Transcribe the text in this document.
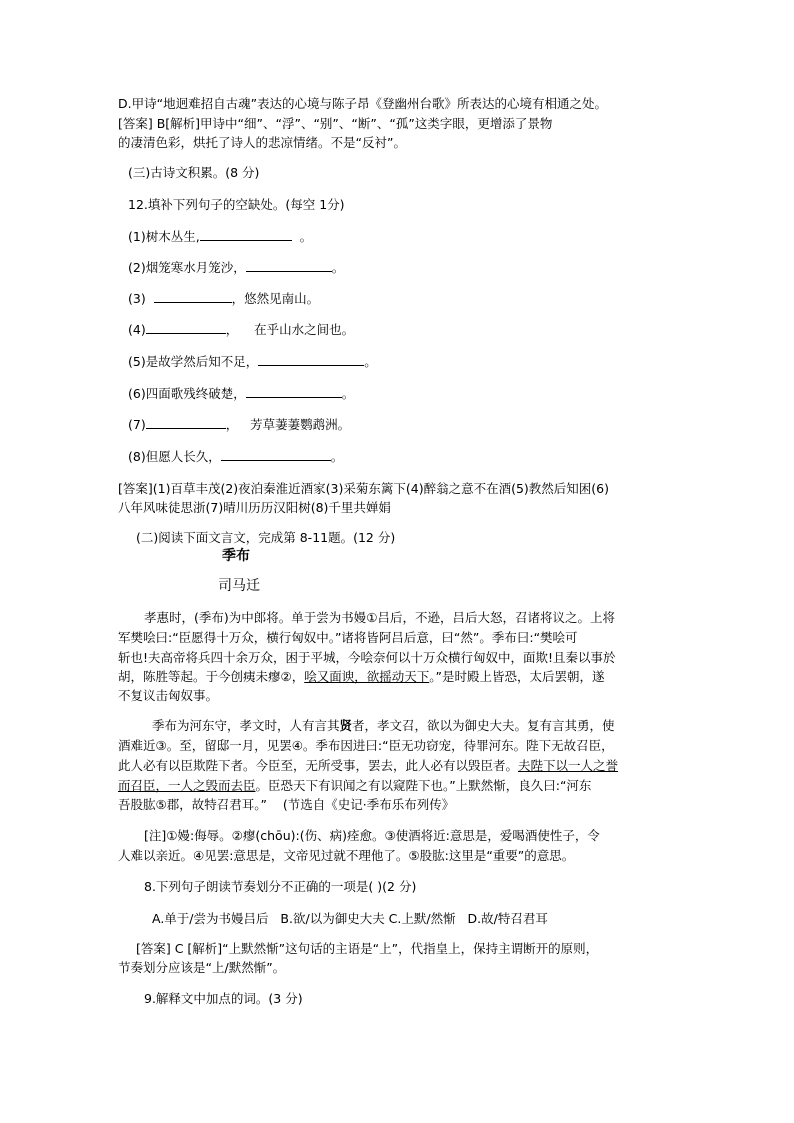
D.甲诗“地迥难招自古魂”表达的心境与陈子昂《登幽州台歌》所表达的心境有相通之处。
[答案] B[解析]甲诗中“细”、“浮”、“别”、“断”、“孤”这类字眼，更增添了景物
的凄清色彩，烘托了诗人的悲凉情绪。不是“反衬”。
(三)古诗文积累。(8 分)
12.填补下列句子的空缺处。(每空 1分)
(1)树木丛生,	。
(2)烟笼寒水月笼沙，	。
(3)	，悠然见南山。
(4)	，    在乎山水之间也。
(5)是故学然后知不足，	。
(6)四面歌残终破楚，	。
(7)	，   芳草萋萋鹦鹉洲。
(8)但愿人长久，	。
[答案](1)百草丰茂(2)夜泊秦淮近酒家(3)采菊东篱下(4)醉翁之意不在酒(5)教然后知困(6)
八年风味徒思浙(7)晴川历历汉阳树(8)千里共婵娟
(二)阅读下面文言文，完成第 8-11题。(12 分)
季布
司马迁
孝惠时，(季布)为中郎将。单于尝为书嫚①吕后，不逊，吕后大怒，召诸将议之。上将
军樊哙曰:“臣愿得十万众，横行匈奴中。”诸将皆阿吕后意，曰“然”。季布曰:“樊哙可
斩也!夫高帝将兵四十余万众，困于平城，今哙奈何以十万众横行匈奴中，面欺!且秦以事於
胡，陈胜等起。于今创痍未瘳②，哙又面谀，欲摇动天下。”是时殿上皆恐，太后罢朝，遂
不复议击匈奴事。
季布为河东守，孝文时，人有言其贤者，孝文召，欲以为御史大夫。复有言其勇，使
酒难近③。至，留邸一月，见罢④。季布因进曰:“臣无功窃宠，待罪河东。陛下无故召臣，
此人必有以臣欺陛下者。今臣至，无所受事，罢去，此人必有以毁臣者。夫陛下以一人之誉
而召臣，一人之毁而去臣。臣恐天下有识闻之有以窥陛下也。”上默然惭，良久曰:“河东
吾股肱⑤郡，故特召君耳。” (节选自《史记·季布乐布列传》
[注]①嫚:侮辱。②瘳(chōu):(伤、病)痊愈。③使酒将近:意思是，爱喝酒使性子，令
人难以亲近。④见罢:意思是，文帝见过就不理他了。⑤股肱:这里是“重要”的意思。
8.下列句子朗读节奏划分不正确的一项是( )(2 分)
A.单于/尝为书嫚吕后   B.欲/以为御史大夫 C.上默/然惭   D.故/特召君耳
[答案] C [解析]“上默然惭”这句话的主语是“上”，代指皇上，保持主谓断开的原则，
节奏划分应该是“上/默然惭”。
9.解释文中加点的词。(3 分)
